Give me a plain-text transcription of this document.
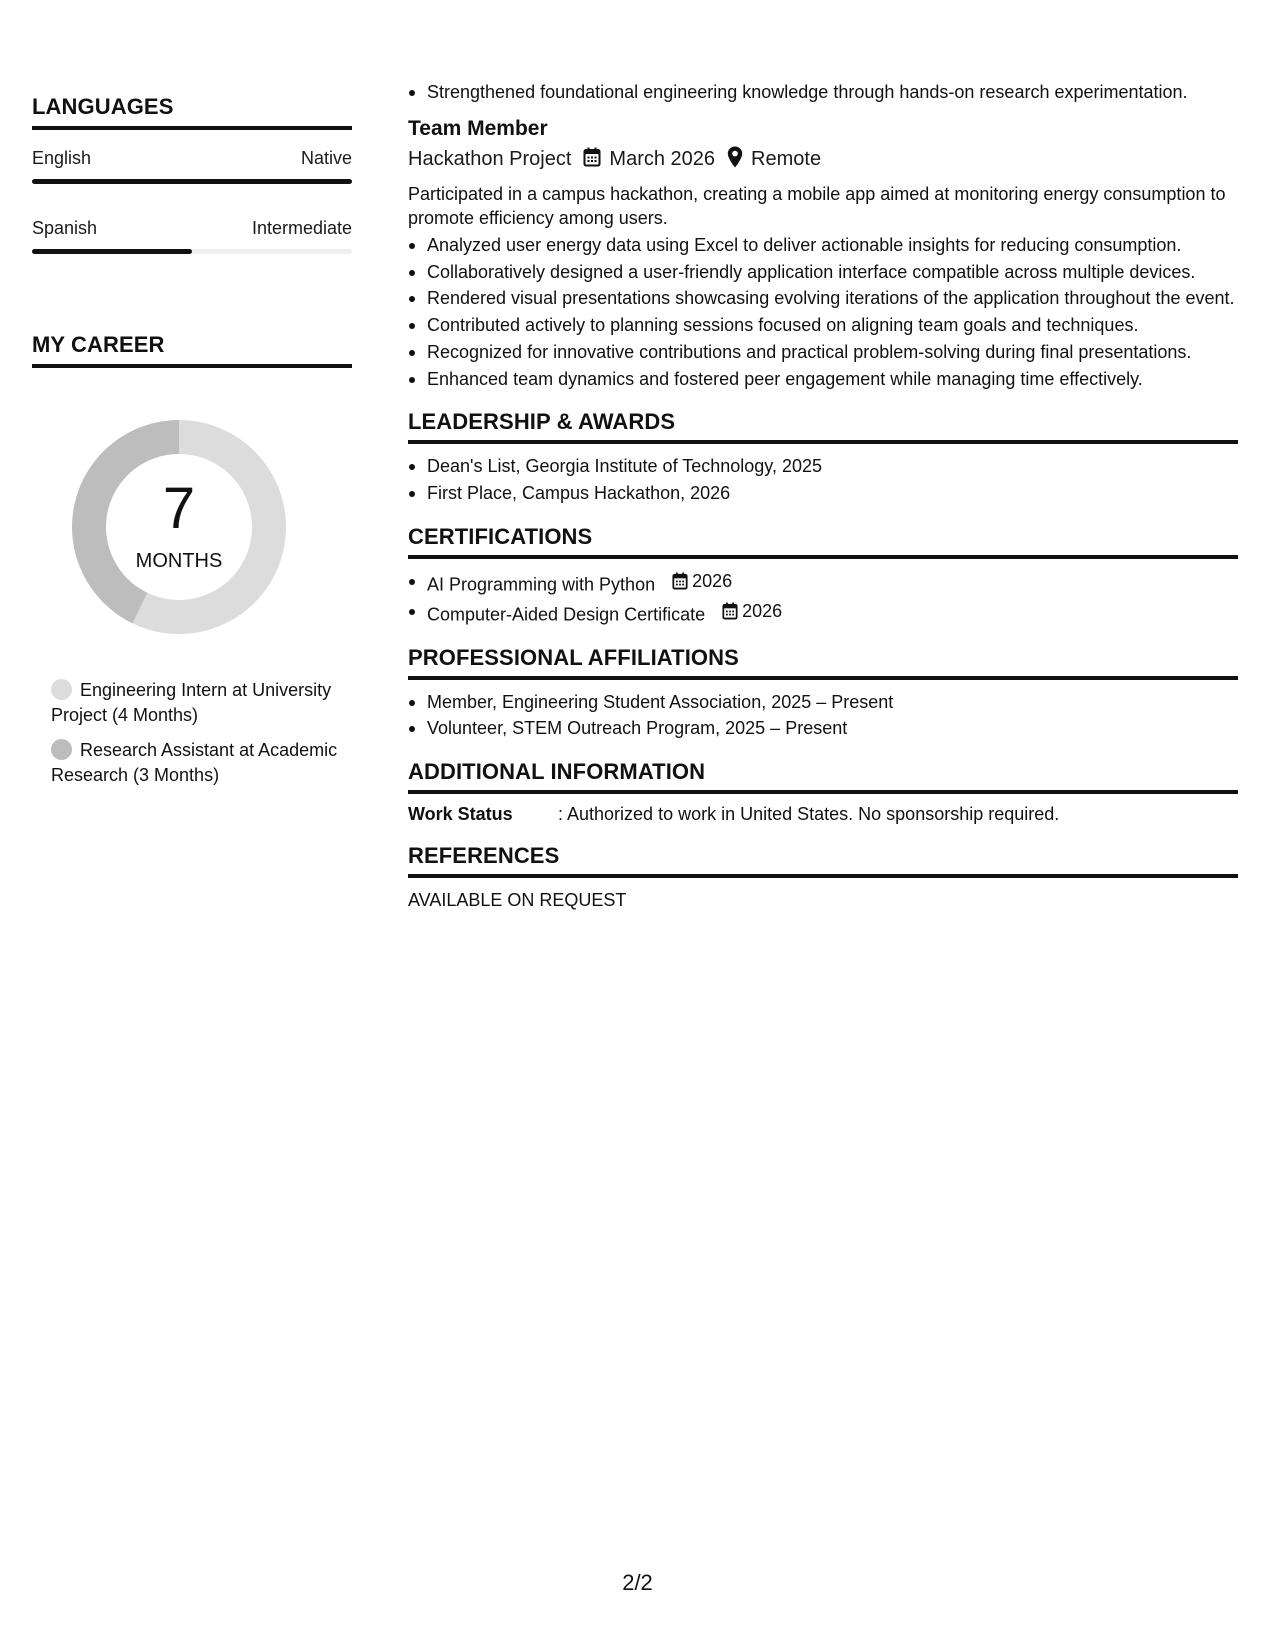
LANGUAGES
English	Native
Spanish	Intermediate
MY CAREER
7
MONTHS
Engineering Intern at University Project (4 Months)
Research Assistant at Academic Research (3 Months)
Strengthened foundational engineering knowledge through hands-on research experimentation.
Team Member
Hackathon Project March 2026 Remote
Participated in a campus hackathon, creating a mobile app aimed at monitoring energy consumption to promote efficiency among users.
Analyzed user energy data using Excel to deliver actionable insights for reducing consumption.
Collaboratively designed a user-friendly application interface compatible across multiple devices.
Rendered visual presentations showcasing evolving iterations of the application throughout the event.
Contributed actively to planning sessions focused on aligning team goals and techniques.
Recognized for innovative contributions and practical problem-solving during final presentations.
Enhanced team dynamics and fostered peer engagement while managing time effectively.
LEADERSHIP & AWARDS
Dean's List, Georgia Institute of Technology, 2025
First Place, Campus Hackathon, 2026
CERTIFICATIONS
AI Programming with Python 2026
Computer-Aided Design Certificate 2026
PROFESSIONAL AFFILIATIONS
Member, Engineering Student Association, 2025 – Present
Volunteer, STEM Outreach Program, 2025 – Present
ADDITIONAL INFORMATION
Work Status	: Authorized to work in United States. No sponsorship required.
REFERENCES
AVAILABLE ON REQUEST
2/2
